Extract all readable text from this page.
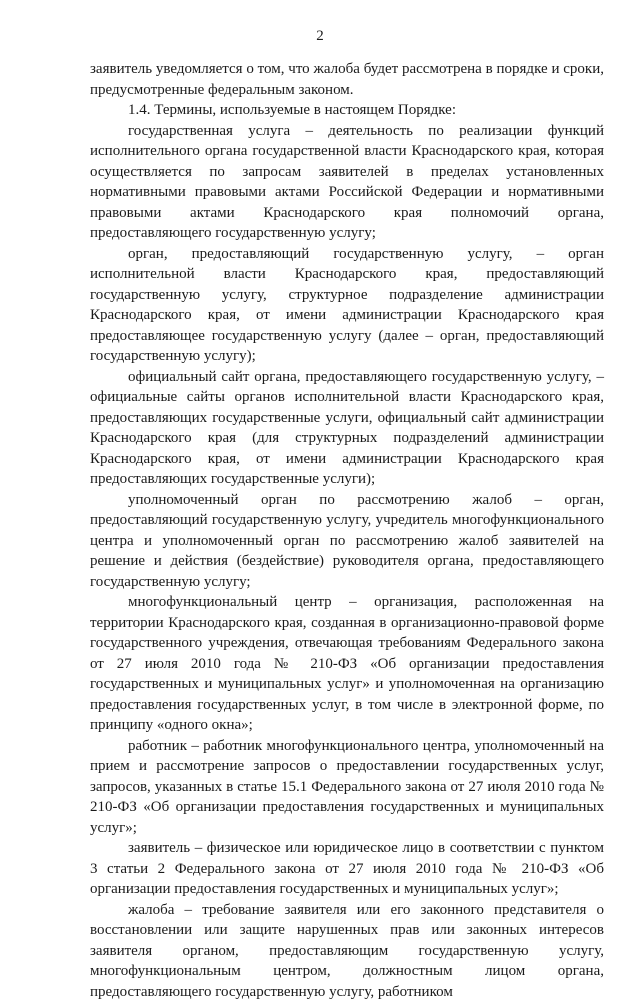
2

заявитель уведомляется о том, что жалоба будет рассмотрена в порядке и сроки, предусмотренные федеральным законом.

1.4. Термины, используемые в настоящем Порядке:

государственная услуга – деятельность по реализации функций исполнительного органа государственной власти Краснодарского края, которая осуществляется по запросам заявителей в пределах установленных нормативными правовыми актами Российской Федерации и нормативными правовыми актами Краснодарского края полномочий органа, предоставляющего государственную услугу;

орган, предоставляющий государственную услугу, – орган исполнительной власти Краснодарского края, предоставляющий государственную услугу, структурное подразделение администрации Краснодарского края, от имени администрации Краснодарского края предоставляющее государственную услугу (далее – орган, предоставляющий государственную услугу);

официальный сайт органа, предоставляющего государственную услугу, – официальные сайты органов исполнительной власти Краснодарского края, предоставляющих государственные услуги, официальный сайт администрации Краснодарского края (для структурных подразделений администрации Краснодарского края, от имени администрации Краснодарского края предоставляющих государственные услуги);

уполномоченный орган по рассмотрению жалоб – орган, предоставляющий государственную услугу, учредитель многофункционального центра и уполномоченный орган по рассмотрению жалоб заявителей на решение и действия (бездействие) руководителя органа, предоставляющего государственную услугу;

многофункциональный центр – организация, расположенная на территории Краснодарского края, созданная в организационно-правовой форме государственного учреждения, отвечающая требованиям Федерального закона от 27 июля 2010 года № 210-ФЗ «Об организации предоставления государственных и муниципальных услуг» и уполномоченная на организацию предоставления государственных услуг, в том числе в электронной форме, по принципу «одного окна»;

работник – работник многофункционального центра, уполномоченный на прием и рассмотрение запросов о предоставлении государственных услуг, запросов, указанных в статье 15.1 Федерального закона от 27 июля 2010 года № 210-ФЗ «Об организации предоставления государственных и муниципальных услуг»;

заявитель – физическое или юридическое лицо в соответствии с пунктом 3 статьи 2 Федерального закона от 27 июля 2010 года № 210-ФЗ «Об организации предоставления государственных и муниципальных услуг»;

жалоба – требование заявителя или его законного представителя о восстановлении или защите нарушенных прав или законных интересов заявителя органом, предоставляющим государственную услугу, многофункциональным центром, должностным лицом органа, предоставляющего государственную услугу, работником
